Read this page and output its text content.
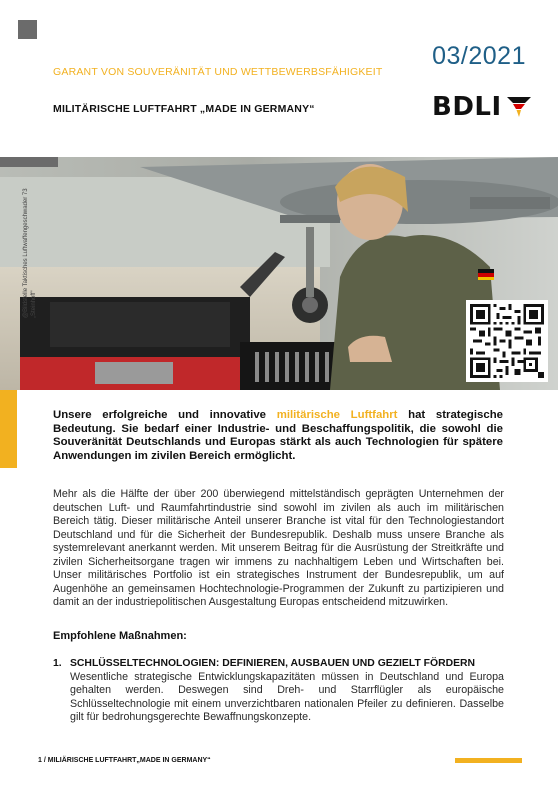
03/2021
GARANT VON SOUVERÄNITÄT UND WETTBEWERBSFÄHIGKEIT
MILITÄRISCHE LUFTFAHRT „MADE IN GERMANY“	BDLI
@Bildstelle Taktisches Luftwaffengeschwader 73 „Steinhoff“

Unsere erfolgreiche und innovative militärische Luftfahrt hat strategische Bedeutung. Sie bedarf einer Industrie- und Beschaffungspolitik, die sowohl die Souveränität Deutschlands und Europas stärkt als auch Technologien für spätere Anwendungen im zivilen Bereich ermöglicht.

Mehr als die Hälfte der über 200 überwiegend mittelständisch geprägten Unternehmen der deutschen Luft- und Raumfahrtindustrie sind sowohl im zivilen als auch im militärischen Bereich tätig. Dieser militärische Anteil unserer Branche ist vital für den Technologiestandort Deutschland und für die Sicherheit der Bundesrepublik. Deshalb muss unsere Branche als systemrelevant anerkannt werden. Mit unserem Beitrag für die Ausrüstung der Streitkräfte und zivilen Sicherheitsorgane tragen wir immens zu nachhaltigem Leben und Wirtschaften bei. Unser militärisches Portfolio ist ein strategisches Instrument der Bundesrepublik, um auf Augenhöhe an gemeinsamen Hochtechnologie-Programmen der Zukunft zu partizipieren und damit an der industriepolitischen Ausgestaltung Europas entscheidend mitzuwirken.

Empfohlene Maßnahmen:
1. SCHLÜSSELTECHNOLOGIEN: DEFINIEREN, AUSBAUEN UND GEZIELT FÖRDERN

Wesentliche strategische Entwicklungskapazitäten müssen in Deutschland und Europa gehalten werden. Deswegen sind Dreh- und Starrflügler als europäische Schlüsseltechnologie mit einem unverzichtbaren nationalen Pfeiler zu definieren. Dasselbe gilt für bedrohungsgerechte Bewaffnungskonzepte.

1 / MILIÄRISCHE LUFTFAHRT„MADE IN GERMANY“
